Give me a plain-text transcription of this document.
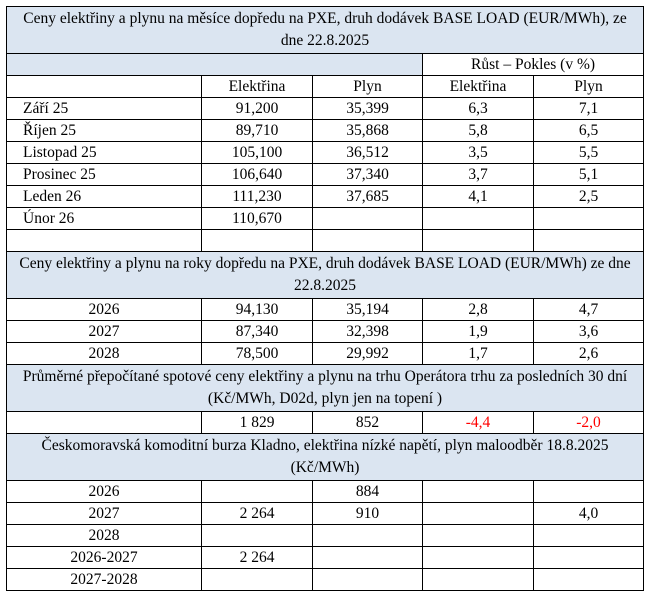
Ceny elektřiny a plynu na měsíce dopředu na PXE, druh dodávek BASE LOAD (EUR/MWh), ze dne 22.8.2025				
			Růst – Pokles (v %)	
	Elektřina	Plyn	Elektřina	Plyn
Září 25	91,200	35,399	6,3	7,1
Říjen 25	89,710	35,868	5,8	6,5
Listopad 25	105,100	36,512	3,5	5,5
Prosinec 25	106,640	37,340	3,7	5,1
Leden 26	111,230	37,685	4,1	2,5
Únor 26	110,670			

Ceny elektřiny a plynu na roky dopředu na PXE, druh dodávek BASE LOAD (EUR/MWh) ze dne 22.8.2025				
2026	94,130	35,194	2,8	4,7
2027	87,340	32,398	1,9	3,6
2028	78,500	29,992	1,7	2,6
Průměrné přepočítané spotové ceny elektřiny a plynu na trhu Operátora trhu za posledních 30 dní (Kč/MWh, D02d, plyn jen na topení )				
	1 829	852	-4,4	-2,0
Českomoravská komoditní burza Kladno, elektřina nízké napětí, plyn maloodběr 18.8.2025 (Kč/MWh)				
2026		884		
2027	2 264	910		4,0
2028				
2026-2027	2 264			
2027-2028				
